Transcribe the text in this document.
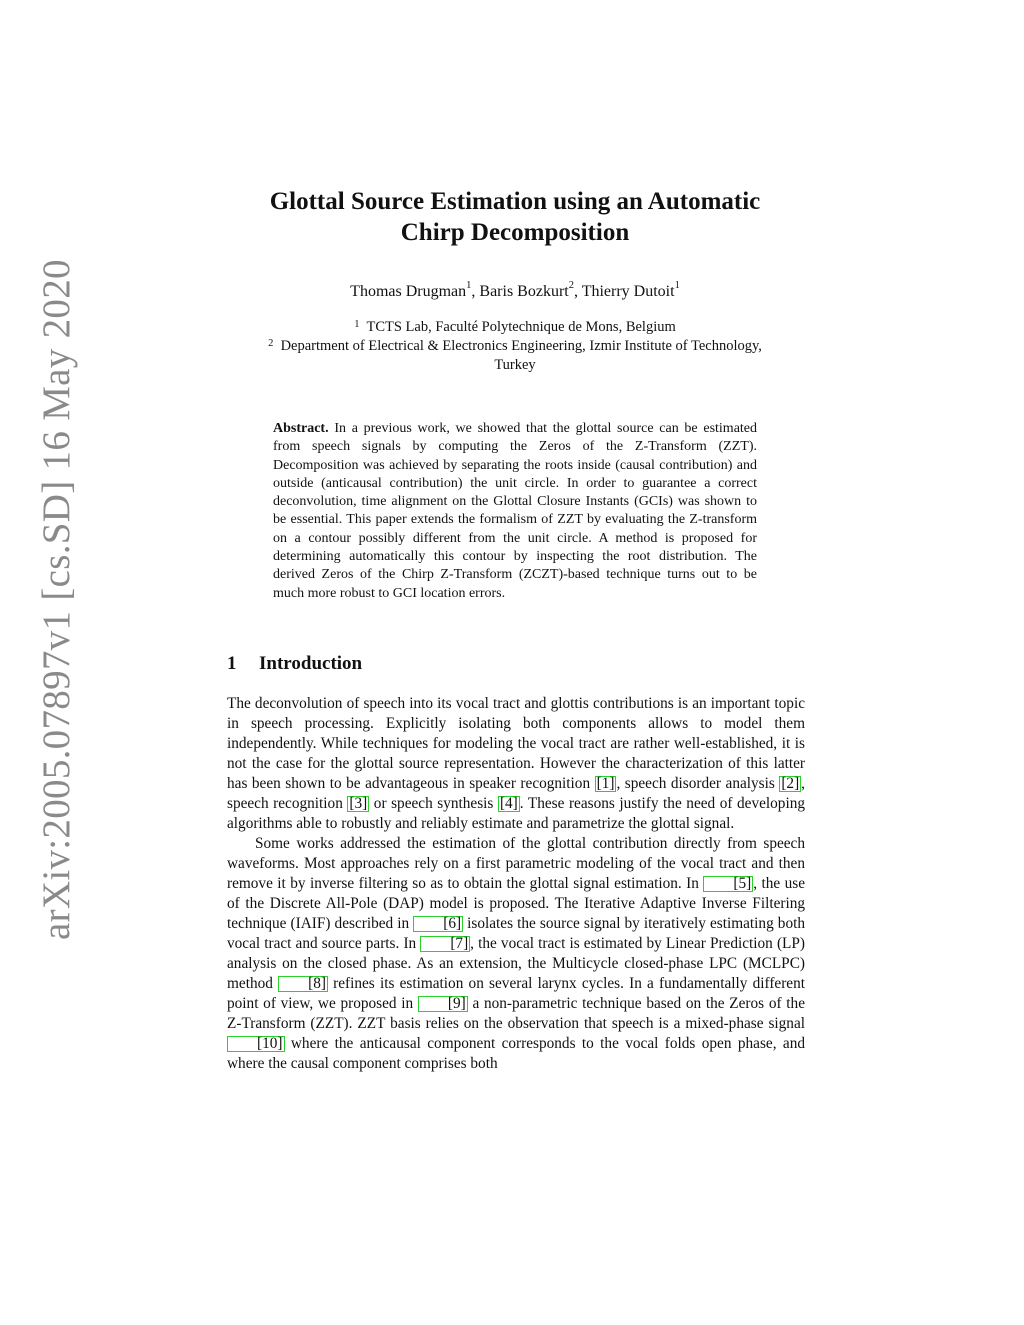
arXiv:2005.07897v1 [cs.SD] 16 May 2020
Glottal Source Estimation using an Automatic
Chirp Decomposition
Thomas Drugman$^1$, Baris Bozkurt$^2$, Thierry Dutoit$^1$
$^1$ TCTS Lab, Faculté Polytechnique de Mons, Belgium
$^2$ Department of Electrical & Electronics Engineering, Izmir Institute of Technology,
Turkey
Abstract. In a previous work, we showed that the glottal source can be estimated from speech signals by computing the Zeros of the Z-Transform (ZZT). Decomposition was achieved by separating the roots inside (causal contribution) and outside (anticausal contribution) the unit circle. In order to guarantee a correct deconvolution, time alignment on the Glottal Closure Instants (GCIs) was shown to be essential. This paper extends the formalism of ZZT by evaluating the Z-transform on a contour possibly different from the unit circle. A method is proposed for determining automatically this contour by inspecting the root distribution. The derived Zeros of the Chirp Z-Transform (ZCZT)-based technique turns out to be much more robust to GCI location errors.
1 Introduction

The deconvolution of speech into its vocal tract and glottis contributions is an important topic in speech processing. Explicitly isolating both components allows to model them independently. While techniques for modeling the vocal tract are rather well-established, it is not the case for the glottal source representation. However the characterization of this latter has been shown to be advantageous in speaker recognition [1] , speech disorder analysis [2] , speech recognition [3] or speech synthesis [4] . These reasons justify the need of developing algorithms able to robustly and reliably estimate and parametrize the glottal signal.

Some works addressed the estimation of the glottal contribution directly from speech waveforms. Most approaches rely on a first parametric modeling of the vocal tract and then remove it by inverse filtering so as to obtain the glottal signal estimation. In [5] , the use of the Discrete All-Pole (DAP) model is proposed. The Iterative Adaptive Inverse Filtering technique (IAIF) described in [6] isolates the source signal by iteratively estimating both vocal tract and source parts. In [7] , the vocal tract is estimated by Linear Prediction (LP) analysis on the closed phase. As an extension, the Multicycle closed-phase LPC (MCLPC) method [8] refines its estimation on several larynx cycles. In a fundamentally different point of view, we proposed in [9] a non-parametric technique based on the Zeros of the Z-Transform (ZZT). ZZT basis relies on the observation that speech is a mixed-phase signal [10] where the anticausal component corresponds to the vocal folds open phase, and where the causal component comprises both
